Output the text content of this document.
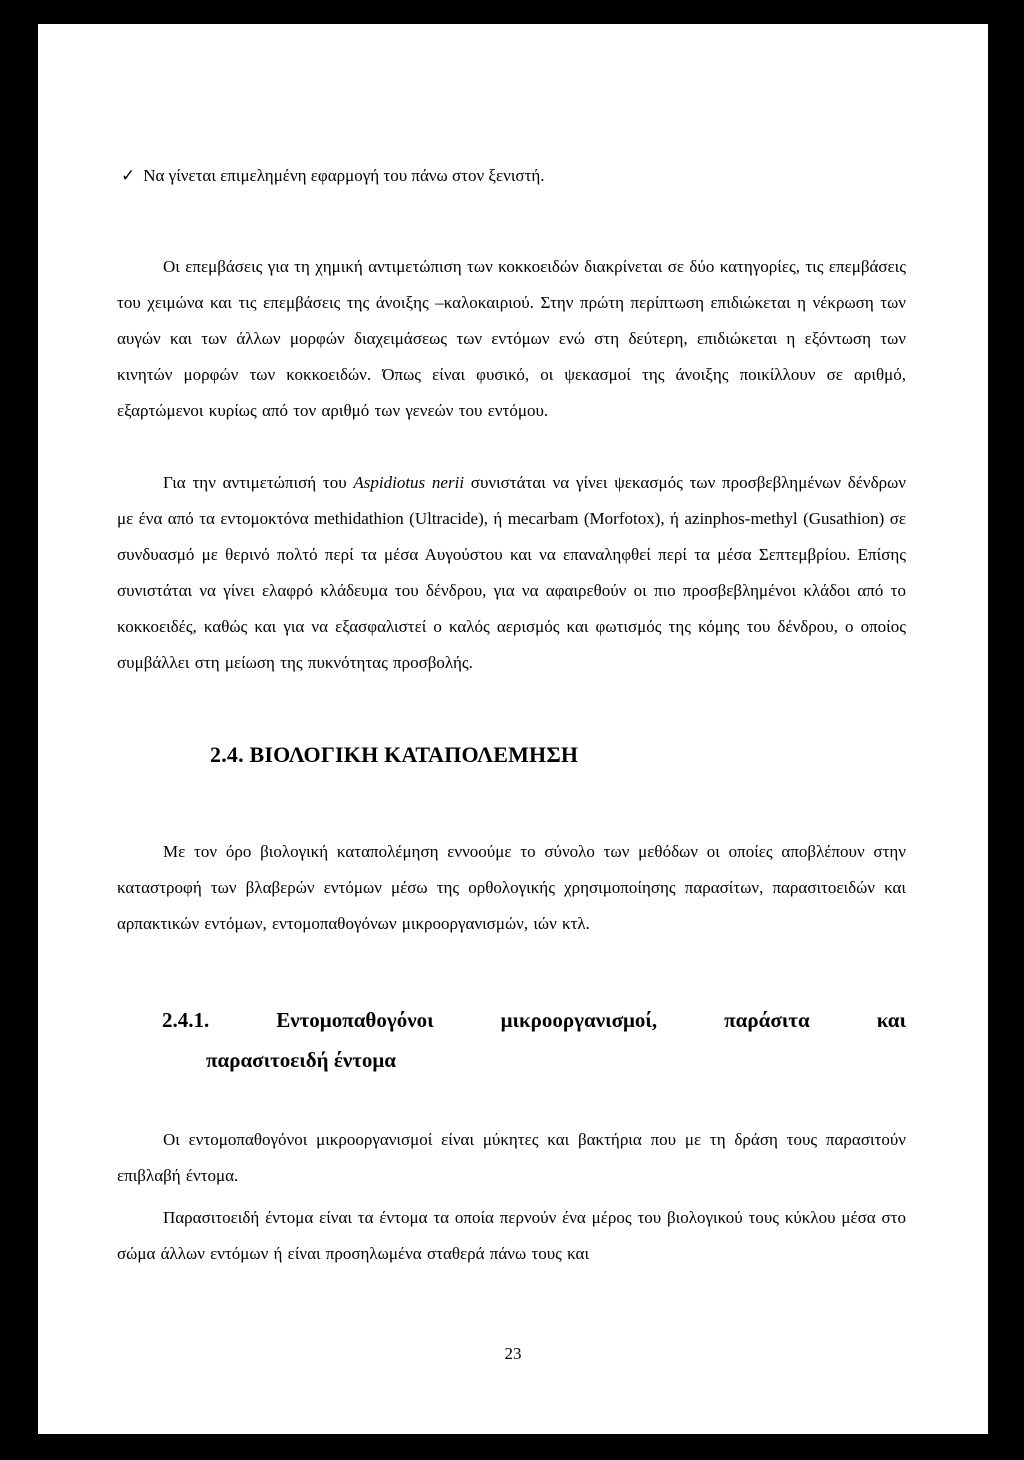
✓ Να γίνεται επιμελημένη εφαρμογή του πάνω στον ξενιστή.
Οι επεμβάσεις για τη χημική αντιμετώπιση των κοκκοειδών διακρίνεται σε δύο κατηγορίες, τις επεμβάσεις του χειμώνα και τις επεμβάσεις της άνοιξης –καλοκαιριού. Στην πρώτη περίπτωση επιδιώκεται η νέκρωση των αυγών και των άλλων μορφών διαχειμάσεως των εντόμων ενώ στη δεύτερη, επιδιώκεται η εξόντωση των κινητών μορφών των κοκκοειδών. Όπως είναι φυσικό, οι ψεκασμοί της άνοιξης ποικίλλουν σε αριθμό, εξαρτώμενοι κυρίως από τον αριθμό των γενεών του εντόμου.
Για την αντιμετώπισή του Aspidiotus nerii συνιστάται να γίνει ψεκασμός των προσβεβλημένων δένδρων με ένα από τα εντομοκτόνα methidathion (Ultracide), ή mecarbam (Morfotox), ή azinphos-methyl (Gusathion) σε συνδυασμό με θερινό πολτό περί τα μέσα Αυγούστου και να επαναληφθεί περί τα μέσα Σεπτεμβρίου. Επίσης συνιστάται να γίνει ελαφρό κλάδευμα του δένδρου, για να αφαιρεθούν οι πιο προσβεβλημένοι κλάδοι από το κοκκοειδές, καθώς και για να εξασφαλιστεί ο καλός αερισμός και φωτισμός της κόμης του δένδρου, ο οποίος συμβάλλει στη μείωση της πυκνότητας προσβολής.
2.4. ΒΙΟΛΟΓΙΚΗ ΚΑΤΑΠΟΛΕΜΗΣΗ
Με τον όρο βιολογική καταπολέμηση εννοούμε το σύνολο των μεθόδων οι οποίες αποβλέπουν στην καταστροφή των βλαβερών εντόμων μέσω της ορθολογικής χρησιμοποίησης παρασίτων, παρασιτοειδών και αρπακτικών εντόμων, εντομοπαθογόνων μικροοργανισμών, ιών κτλ.
2.4.1.	Εντομοπαθογόνοι	μικροοργανισμοί,	παράσιτα	και
παρασιτοειδή έντομα
Οι εντομοπαθογόνοι μικροοργανισμοί είναι μύκητες και βακτήρια που με τη δράση τους παρασιτούν επιβλαβή έντομα.
Παρασιτοειδή έντομα είναι τα έντομα τα οποία περνούν ένα μέρος του βιολογικού τους κύκλου μέσα στο σώμα άλλων εντόμων ή είναι προσηλωμένα σταθερά πάνω τους και
23
